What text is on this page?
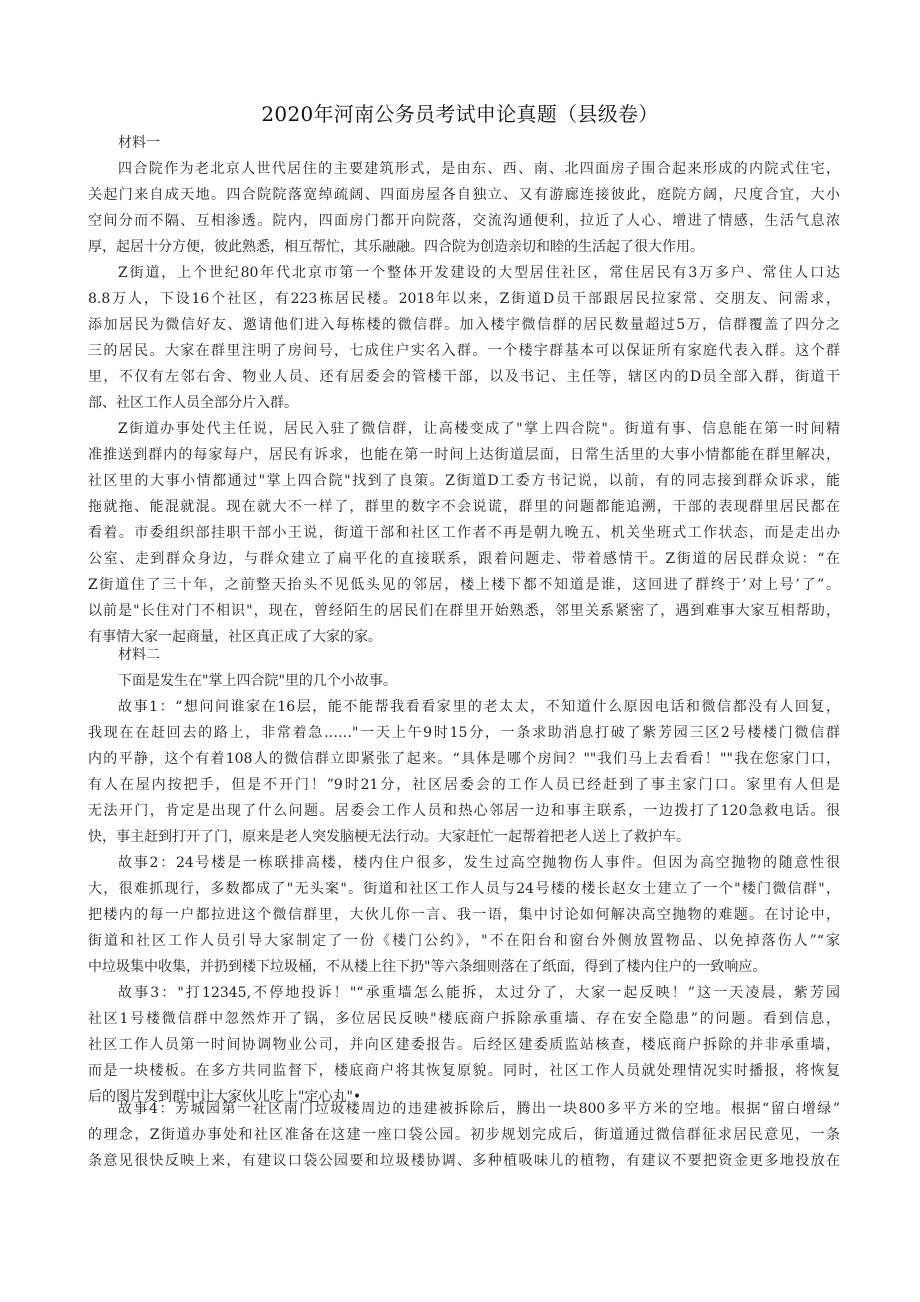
2020年河南公务员考试申论真题（县级卷）
材料一
四合院作为老北京人世代居住的主要建筑形式，是由东、西、南、北四面房子围合起来形成的内院式住宅，
关起门来自成天地。四合院院落宽绰疏阔、四面房屋各自独立、又有游廊连接彼此，庭院方阔，尺度合宜，大小
空间分而不隔、互相渗透。院内，四面房门都开向院落，交流沟通便利，拉近了人心、增进了情感，生活气息浓
厚，起居十分方便，彼此熟悉，相互帮忙，其乐融融。四合院为创造亲切和睦的生活起了很大作用。
Z街道，上个世纪80年代北京市第一个整体开发建设的大型居住社区，常住居民有3万多户、常住人口达
8.8万人，下设16个社区，有223栋居民楼。2018年以来，Z街道D员干部跟居民拉家常、交朋友、问需求，
添加居民为微信好友、邀请他们进入每栋楼的微信群。加入楼宇微信群的居民数量超过5万，信群覆盖了四分之
三的居民。大家在群里注明了房间号，七成住户实名入群。一个楼宇群基本可以保证所有家庭代表入群。这个群
里，不仅有左邻右舍、物业人员、还有居委会的管楼干部，以及书记、主任等，辖区内的D员全部入群，街道干
部、社区工作人员全部分片入群。
Z街道办事处代主任说，居民入驻了微信群，让高楼变成了"掌上四合院"。街道有事、信息能在第一时间精
准推送到群内的每家每户，居民有诉求，也能在第一时间上达街道层面，日常生活里的大事小情都能在群里解决，
社区里的大事小情都通过"掌上四合院"找到了良策。Z街道D工委方书记说，以前，有的同志接到群众诉求，能
拖就拖、能混就混。现在就大不一样了，群里的数字不会说谎，群里的问题都能追溯，干部的表现群里居民都在
看着。市委组织部挂职干部小王说，街道干部和社区工作者不再是朝九晚五、机关坐班式工作状态，而是走出办
公室、走到群众身边，与群众建立了扁平化的直接联系，跟着问题走、带着感情干。Z街道的居民群众说：“在
Z街道住了三十年，之前整天抬头不见低头见的邻居，楼上楼下都不知道是谁，这回进了群终于’对上号’了”。
以前是"长住对门不相识"，现在，曾经陌生的居民们在群里开始熟悉，邻里关系紧密了，遇到难事大家互相帮助，
有事情大家一起商量，社区真正成了大家的家。
材料二
下面是发生在"掌上四合院"里的几个小故事。
故事1：“想问问谁家在16层，能不能帮我看看家里的老太太，不知道什么原因电话和微信都没有人回复，
我现在在赶回去的路上，非常着急……"一天上午9时15分，一条求助消息打破了紫芳园三区2号楼楼门微信群
内的平静，这个有着108人的微信群立即紧张了起来。“具体是哪个房间？""我们马上去看看！""我在您家门口，
有人在屋内按把手，但是不开门！”9时21分，社区居委会的工作人员已经赶到了事主家门口。家里有人但是
无法开门，肯定是出现了什么问题。居委会工作人员和热心邻居一边和事主联系，一边拨打了120急救电话。很
快，事主赶到打开了门，原来是老人突发脑梗无法行动。大家赶忙一起帮着把老人送上了救护车。
故事2：24号楼是一栋联排高楼，楼内住户很多，发生过高空抛物伤人事件。但因为高空抛物的随意性很
大，很难抓现行，多数都成了"无头案"。街道和社区工作人员与24号楼的楼长赵女士建立了一个"楼门微信群"，
把楼内的每一户都拉进这个微信群里，大伙儿你一言、我一语，集中讨论如何解决高空抛物的难题。在讨论中，
街道和社区工作人员引导大家制定了一份《楼门公约》，"不在阳台和窗台外侧放置物品、以免掉落伤人”“家
中垃圾集中收集，并扔到楼下垃圾桶，不从楼上往下扔"等六条细则落在了纸面，得到了楼内住户的一致响应。
故事3："打12345,不停地投诉！"“承重墙怎么能拆，太过分了，大家一起反映！”这一天凌晨，紫芳园
社区1号楼微信群中忽然炸开了锅，多位居民反映"楼底商户拆除承重墙、存在安全隐患”的问题。看到信息，
社区工作人员第一时间协调物业公司，并向区建委报告。后经区建委质监站核查，楼底商户拆除的并非承重墙，
而是一块楼板。在多方共同监督下，楼底商户将其恢复原貌。同时，社区工作人员就处理情况实时播报，将恢复
后的图片发到群中让大家伙儿吃上"定心丸"•
故事4：芳城园第一社区南门垃圾楼周边的违建被拆除后，腾出一块800多平方米的空地。根据“留白增绿”
的理念，Z街道办事处和社区准备在这建一座口袋公园。初步规划完成后，街道通过微信群征求居民意见，一条
条意见很快反映上来，有建议口袋公园要和垃圾楼协调、多种植吸味儿的植物，有建议不要把资金更多地投放在
